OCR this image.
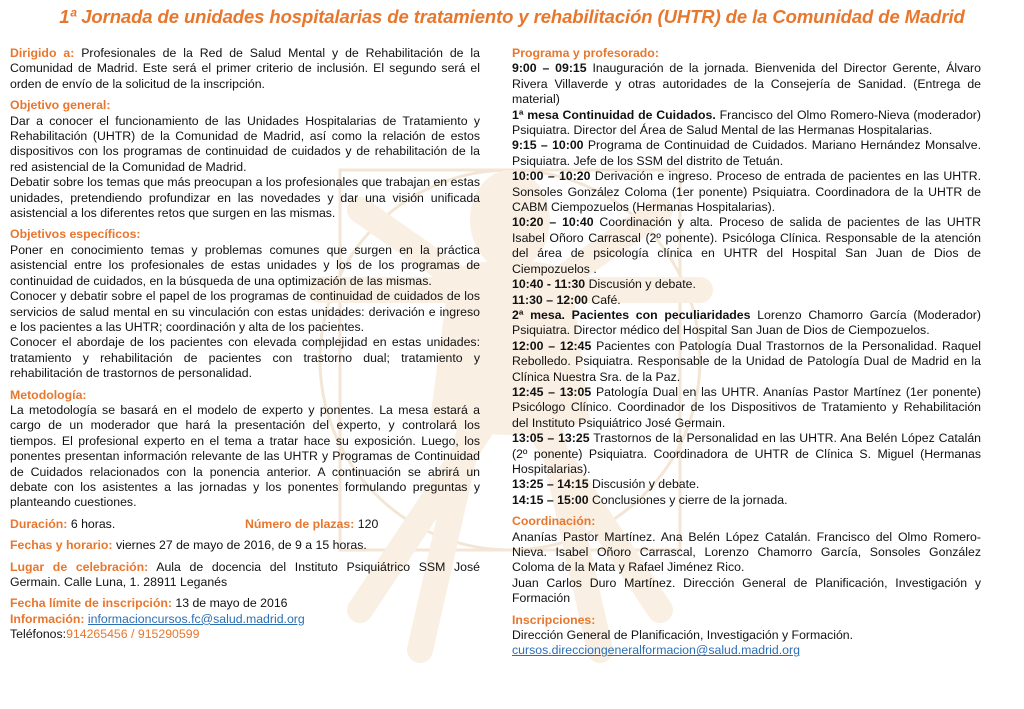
1ª Jornada de unidades hospitalarias de tratamiento y rehabilitación (UHTR) de la Comunidad de Madrid

Dirigido a: Profesionales de la Red de Salud Mental y de Rehabilitación de la Comunidad de Madrid. Este será el primer criterio de inclusión. El segundo será el orden de envío de la solicitud de la inscripción.

Objetivo general:

Dar a conocer el funcionamiento de las Unidades Hospitalarias de Tratamiento y Rehabilitación (UHTR) de la Comunidad de Madrid, así como la relación de estos dispositivos con los programas de continuidad de cuidados y de rehabilitación de la red asistencial de la Comunidad de Madrid.

Debatir sobre los temas que más preocupan a los profesionales que trabajan en estas unidades, pretendiendo profundizar en las novedades y dar una visión unificada asistencial a los diferentes retos que surgen en las mismas.

Objetivos específicos:

Poner en conocimiento temas y problemas comunes que surgen en la práctica asistencial entre los profesionales de estas unidades y los de los programas de continuidad de cuidados, en la búsqueda de una optimización de las mismas.

Conocer y debatir sobre el papel de los programas de continuidad de cuidados de los servicios de salud mental en su vinculación con estas unidades: derivación e ingreso e los pacientes a las UHTR; coordinación y alta de los pacientes.

Conocer el abordaje de los pacientes con elevada complejidad en estas unidades: tratamiento y rehabilitación de pacientes con trastorno dual; tratamiento y rehabilitación de trastornos de personalidad.

Metodología:

La metodología se basará en el modelo de experto y ponentes. La mesa estará a cargo de un moderador que hará la presentación del experto, y controlará los tiempos. El profesional experto en el tema a tratar hace su exposición. Luego, los ponentes presentan información relevante de las UHTR y Programas de Continuidad de Cuidados relacionados con la ponencia anterior. A continuación se abrirá un debate con los asistentes a las jornadas y los ponentes formulando preguntas y planteando cuestiones.

Duración: 6 horas.	Número de plazas: 120

Fechas y horario: viernes 27 de mayo de 2016, de 9 a 15 horas.

Lugar de celebración: Aula de docencia del Instituto Psiquiátrico SSM José Germain. Calle Luna, 1. 28911 Leganés

Fecha límite de inscripción: 13 de mayo de 2016

Información: informacioncursos.fc@salud.madrid.org

Teléfonos:914265456 / 915290599

Programa y profesorado:

9:00 – 09:15 Inauguración de la jornada. Bienvenida del Director Gerente, Álvaro Rivera Villaverde y otras autoridades de la Consejería de Sanidad. (Entrega de material)

1ª mesa Continuidad de Cuidados. Francisco del Olmo Romero-Nieva (moderador) Psiquiatra. Director del Área de Salud Mental de las Hermanas Hospitalarias.

9:15 – 10:00 Programa de Continuidad de Cuidados. Mariano Hernández Monsalve. Psiquiatra. Jefe de los SSM del distrito de Tetuán.

10:00 – 10:20 Derivación e ingreso. Proceso de entrada de pacientes en las UHTR. Sonsoles González Coloma (1er ponente) Psiquiatra. Coordinadora de la UHTR de CABM Ciempozuelos (Hermanas Hospitalarias).

10:20 – 10:40 Coordinación y alta. Proceso de salida de pacientes de las UHTR Isabel Oñoro Carrascal (2º ponente). Psicóloga Clínica. Responsable de la atención del área de psicología clínica en UHTR del Hospital San Juan de Dios de Ciempozuelos .

10:40 - 11:30 Discusión y debate.

11:30 – 12:00 Café.

2ª mesa. Pacientes con peculiaridades Lorenzo Chamorro García (Moderador) Psiquiatra. Director médico del Hospital San Juan de Dios de Ciempozuelos.

12:00 – 12:45 Pacientes con Patología Dual Trastornos de la Personalidad. Raquel Rebolledo. Psiquiatra. Responsable de la Unidad de Patología Dual de Madrid en la Clínica Nuestra Sra. de la Paz.

12:45 – 13:05 Patología Dual en las UHTR. Ananías Pastor Martínez (1er ponente) Psicólogo Clínico. Coordinador de los Dispositivos de Tratamiento y Rehabilitación del Instituto Psiquiátrico José Germain.

13:05 – 13:25 Trastornos de la Personalidad en las UHTR. Ana Belén López Catalán (2º ponente) Psiquiatra. Coordinadora de UHTR de Clínica S. Miguel (Hermanas Hospitalarias).

13:25 – 14:15 Discusión y debate.

14:15 – 15:00 Conclusiones y cierre de la jornada.

Coordinación:

Ananías Pastor Martínez. Ana Belén López Catalán. Francisco del Olmo Romero-Nieva. Isabel Oñoro Carrascal, Lorenzo Chamorro García, Sonsoles González Coloma de la Mata y Rafael Jiménez Rico.

Juan Carlos Duro Martínez. Dirección General de Planificación, Investigación y Formación

Inscripciones:

Dirección General de Planificación, Investigación y Formación.

cursos.direcciongeneralformacion@salud.madrid.org
